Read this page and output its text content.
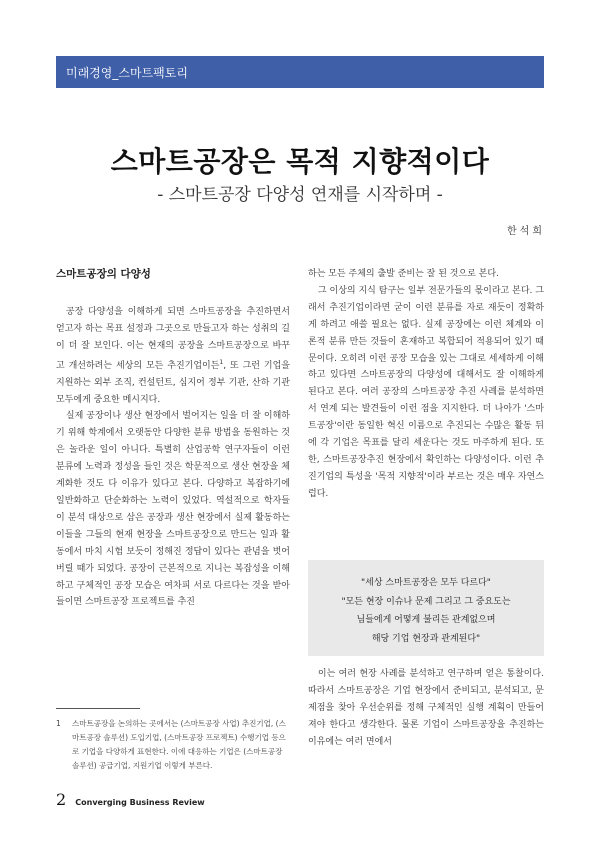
미래경영_스마트팩토리
스마트공장은 목적 지향적이다
- 스마트공장 다양성 연재를 시작하며 -
한석희
스마트공장의 다양성

공장 다양성을 이해하게 되면 스마트공장을 추진하면서 얻고자 하는 목표 설정과 그곳으로 만들고자 하는 성취의 길이 더 잘 보인다. 이는 현재의 공장을 스마트공장으로 바꾸고 개선하려는 세상의 모든 추진기업이든$^1$, 또 그런 기업을 지원하는 외부 조직, 컨설턴트, 심지어 정부 기관, 산하 기관 모두에게 중요한 메시지다.

실제 공장이나 생산 현장에서 벌어지는 일을 더 잘 이해하기 위해 학계에서 오랫동안 다양한 분류 방법을 동원하는 것은 놀라운 일이 아니다. 특별히 산업공학 연구자들이 이런 분류에 노력과 정성을 들인 것은 학문적으로 생산 현장을 체계화한 것도 다 이유가 있다고 본다. 다양하고 복잡하기에 일반화하고 단순화하는 노력이 있었다. 역설적으로 학자들이 분석 대상으로 삼은 공장과 생산 현장에서 실제 활동하는 이들을 그들의 현재 현장을 스마트공장으로 만드는 일과 활동에서 마치 시험 보듯이 정해진 정답이 있다는 관념을 벗어 버릴 때가 되었다. 공장이 근본적으로 지니는 복잡성을 이해하고 구체적인 공장 모습은 여차피 서로 다르다는 것을 받아들이면 스마트공장 프로젝트를 추진

하는 모든 주체의 출발 준비는 잘 된 것으로 본다.

그 이상의 지식 탐구는 일부 전문가들의 몫이라고 본다. 그래서 추진기업이라면 굳이 이런 분류를 자로 재듯이 정확하게 하려고 애쓸 필요는 없다. 실제 공장에는 이런 체계와 이론적 분류 만든 것들이 혼재하고 복합되어 적용되어 있기 때문이다. 오히려 이런 공장 모습을 있는 그대로 세세하게 이해하고 있다면 스마트공장의 다양성에 대해서도 잘 이해하게 된다고 본다. 여러 공장의 스마트공장 추진 사례를 분석하면서 연계 되는 발견들이 이런 점을 지지한다. 더 나아가 '스마트공장'이란 동일한 혁신 이름으로 추진되는 수많은 활동 뒤에 각 기업은 목표를 달리 세운다는 것도 마주하게 된다. 또한, 스마트공장추진 현장에서 확인하는 다양성이다. 이런 추진기업의 특성을 '목적 지향적'이라 부르는 것은 매우 자연스럽다.

"세상 스마트공장은 모두 다르다"
"모든 현장 이슈나 문제 그리고 그 중요도는
님들에게 어떻게 불리든 관계없으며
해당 기업 현장과 관계된다"

이는 여러 현장 사례를 분석하고 연구하며 얻은 통찰이다. 따라서 스마트공장은 기업 현장에서 준비되고, 분석되고, 문제점을 찾아 우선순위를 정해 구체적인 실행 계획이 만들어져야 한다고 생각한다. 물론 기업이 스마트공장을 추진하는 이유에는 여러 면에서

1 스마트공장을 논의하는 곳에서는 (스마트공장 사업) 추진기업, (스마트공장 솔루션) 도입기업, (스마트공장 프로젝트) 수행기업 등으로 기업을 다양하게 표현한다. 이에 대응하는 기업은 (스마트공장 솔루션) 공급기업, 지원기업 이렇게 부른다.
2 Converging Business Review
